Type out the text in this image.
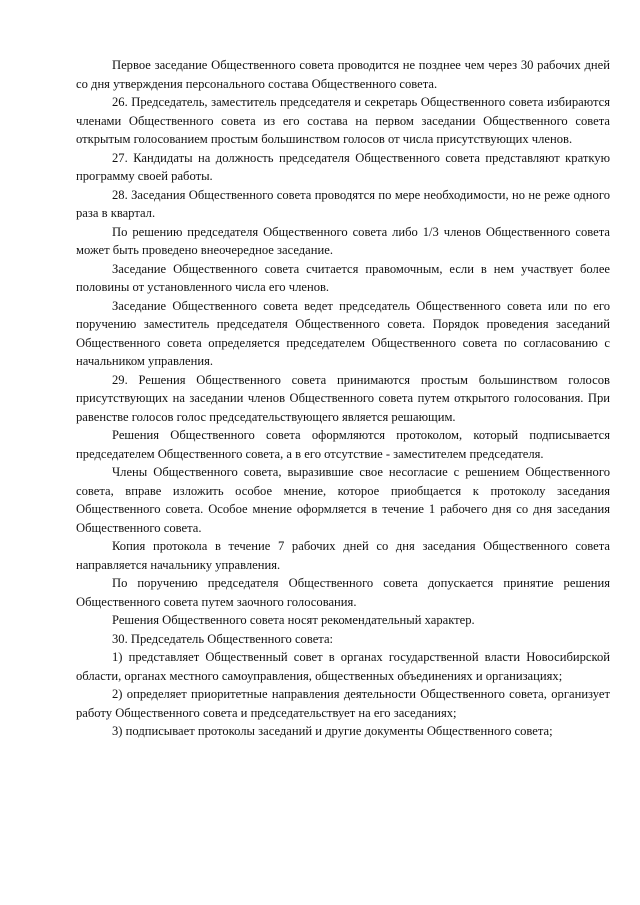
Первое заседание Общественного совета проводится не позднее чем через 30 рабочих дней со дня утверждения персонального состава Общественного совета.

26. Председатель, заместитель председателя и секретарь Общественного совета избираются членами Общественного совета из его состава на первом заседании Общественного совета открытым голосованием простым большинством голосов от числа присутствующих членов.

27. Кандидаты на должность председателя Общественного совета представляют краткую программу своей работы.

28. Заседания Общественного совета проводятся по мере необходимости, но не реже одного раза в квартал.

По решению председателя Общественного совета либо 1/3 членов Общественного совета может быть проведено внеочередное заседание.

Заседание Общественного совета считается правомочным, если в нем участвует более половины от установленного числа его членов.

Заседание Общественного совета ведет председатель Общественного совета или по его поручению заместитель председателя Общественного совета. Порядок проведения заседаний Общественного совета определяется председателем Общественного совета по согласованию с начальником управления.

29. Решения Общественного совета принимаются простым большинством голосов присутствующих на заседании членов Общественного совета путем открытого голосования. При равенстве голосов голос председательствующего является решающим.

Решения Общественного совета оформляются протоколом, который подписывается председателем Общественного совета, а в его отсутствие - заместителем председателя.

Члены Общественного совета, выразившие свое несогласие с решением Общественного совета, вправе изложить особое мнение, которое приобщается к протоколу заседания Общественного совета. Особое мнение оформляется в течение 1 рабочего дня со дня заседания Общественного совета.

Копия протокола в течение 7 рабочих дней со дня заседания Общественного совета направляется начальнику управления.

По поручению председателя Общественного совета допускается принятие решения Общественного совета путем заочного голосования.

Решения Общественного совета носят рекомендательный характер.

30. Председатель Общественного совета:

1) представляет Общественный совет в органах государственной власти Новосибирской области, органах местного самоуправления, общественных объединениях и организациях;

2) определяет приоритетные направления деятельности Общественного совета, организует работу Общественного совета и председательствует на его заседаниях;

3) подписывает протоколы заседаний и другие документы Общественного совета;
